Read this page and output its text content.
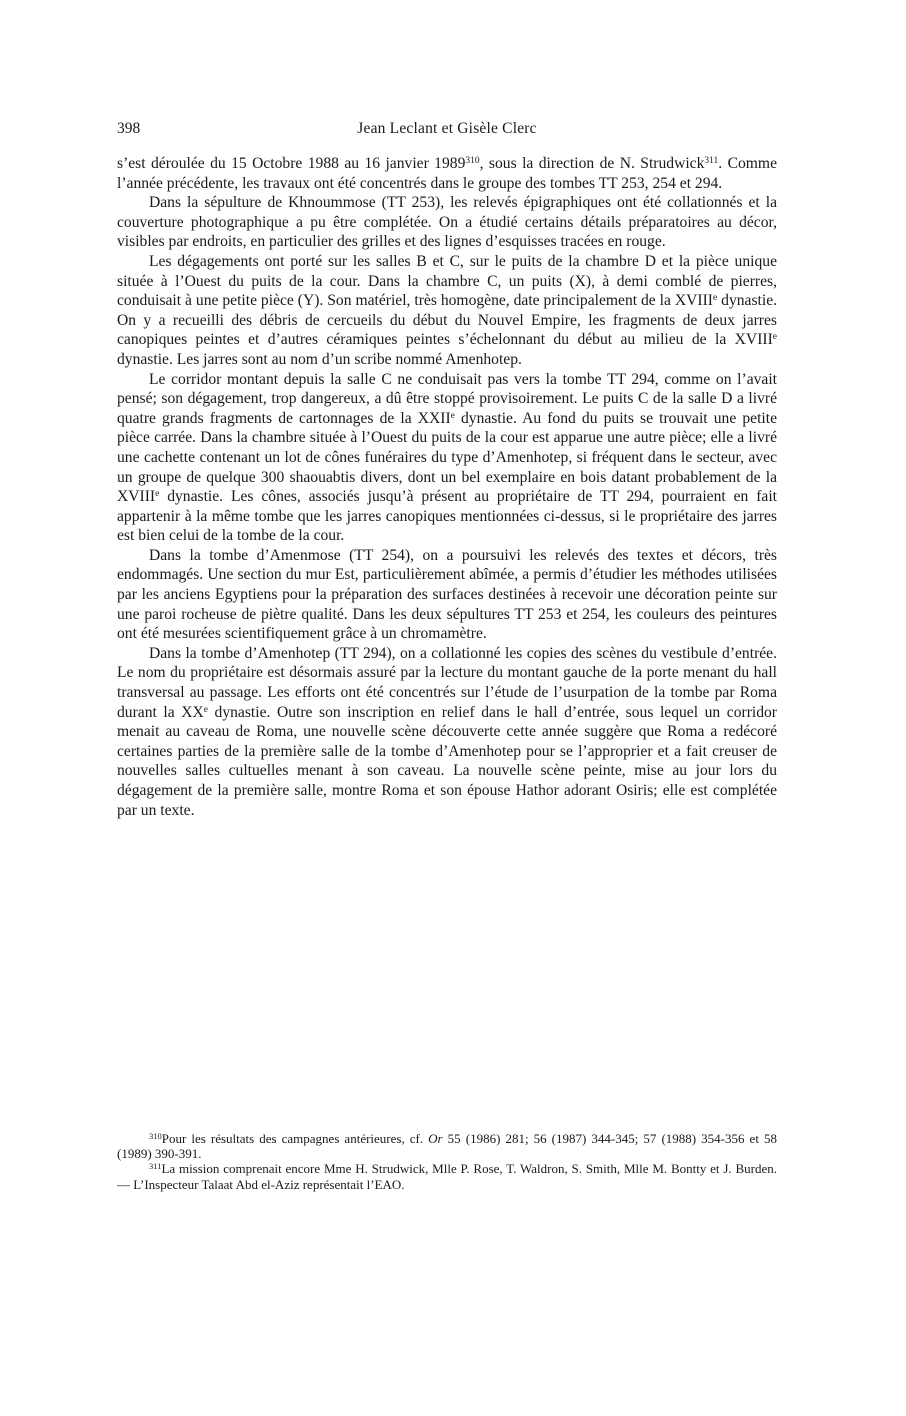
398	Jean Leclant et Gisèle Clerc

s’est déroulée du 15 Octobre 1988 au 16 janvier 1989$^{310}$, sous la direction de N. Strudwick$^{311}$. Comme l’année précédente, les travaux ont été concentrés dans le groupe des tombes TT 253, 254 et 294.

Dans la sépulture de Khnoummose (TT 253), les relevés épigraphiques ont été collationnés et la couverture photographique a pu être complétée. On a étudié certains détails préparatoires au décor, visibles par endroits, en particulier des grilles et des lignes d’esquisses tracées en rouge.

Les dégagements ont porté sur les salles B et C, sur le puits de la chambre D et la pièce unique située à l’Ouest du puits de la cour. Dans la chambre C, un puits (X), à demi comblé de pierres, conduisait à une petite pièce (Y). Son matériel, très homogène, date principalement de la XVIIIe dynastie. On y a recueilli des débris de cercueils du début du Nouvel Empire, les fragments de deux jarres canopiques peintes et d’autres céramiques peintes s’échelonnant du début au milieu de la XVIIIe dynastie. Les jarres sont au nom d’un scribe nommé Amenhotep.

Le corridor montant depuis la salle C ne conduisait pas vers la tombe TT 294, comme on l’avait pensé; son dégagement, trop dangereux, a dû être stoppé provisoirement. Le puits C de la salle D a livré quatre grands fragments de cartonnages de la XXIIe dynastie. Au fond du puits se trouvait une petite pièce carrée. Dans la chambre située à l’Ouest du puits de la cour est apparue une autre pièce; elle a livré une cachette contenant un lot de cônes funéraires du type d’Amenhotep, si fréquent dans le secteur, avec un groupe de quelque 300 shaouabtis divers, dont un bel exemplaire en bois datant probablement de la XVIIIe dynastie. Les cônes, associés jusqu’à présent au propriétaire de TT 294, pourraient en fait appartenir à la même tombe que les jarres canopiques mentionnées ci-dessus, si le propriétaire des jarres est bien celui de la tombe de la cour.

Dans la tombe d’Amenmose (TT 254), on a poursuivi les relevés des textes et décors, très endommagés. Une section du mur Est, particulièrement abîmée, a permis d’étudier les méthodes utilisées par les anciens Egyptiens pour la préparation des surfaces destinées à recevoir une décoration peinte sur une paroi rocheuse de piètre qualité. Dans les deux sépultures TT 253 et 254, les couleurs des peintures ont été mesurées scientifiquement grâce à un chromamètre.

Dans la tombe d’Amenhotep (TT 294), on a collationné les copies des scènes du vestibule d’entrée. Le nom du propriétaire est désormais assuré par la lecture du montant gauche de la porte menant du hall transversal au passage. Les efforts ont été concentrés sur l’étude de l’usurpation de la tombe par Roma durant la XXe dynastie. Outre son inscription en relief dans le hall d’entrée, sous lequel un corridor menait au caveau de Roma, une nouvelle scène découverte cette année suggère que Roma a redécoré certaines parties de la première salle de la tombe d’Amenhotep pour se l’approprier et a fait creuser de nouvelles salles cultuelles menant à son caveau. La nouvelle scène peinte, mise au jour lors du dégagement de la première salle, montre Roma et son épouse Hathor adorant Osiris; elle est complétée par un texte.

$^{310}$Pour les résultats des campagnes antérieures, cf. Or 55 (1986) 281; 56 (1987) 344-345; 57 (1988) 354-356 et 58 (1989) 390-391.

$^{311}$La mission comprenait encore Mme H. Strudwick, Mlle P. Rose, T. Waldron, S. Smith, Mlle M. Bontty et J. Burden. — L’Inspecteur Talaat Abd el-Aziz représentait l’EAO.
